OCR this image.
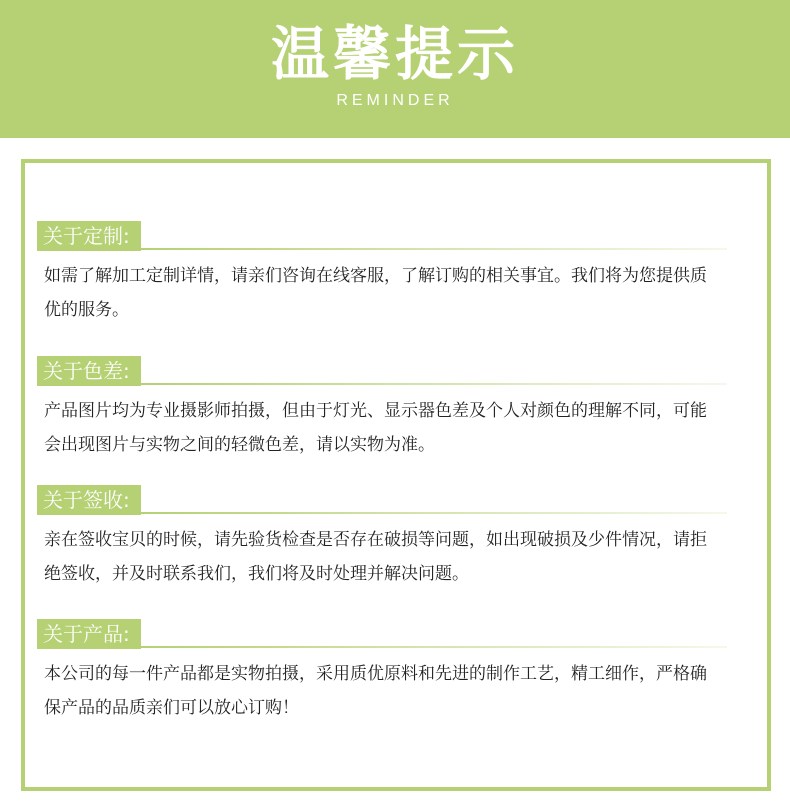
温馨提示
REMINDER
关于定制:
如需了解加工定制详情，请亲们咨询在线客服，了解订购的相关事宜。我们将为您提供质优的服务。
关于色差:
产品图片均为专业摄影师拍摄，但由于灯光、显示器色差及个人对颜色的理解不同，可能会出现图片与实物之间的轻微色差，请以实物为准。
关于签收:
亲在签收宝贝的时候，请先验货检查是否存在破损等问题，如出现破损及少件情况，请拒绝签收，并及时联系我们，我们将及时处理并解决问题。
关于产品:
本公司的每一件产品都是实物拍摄，采用质优原料和先进的制作工艺，精工细作，严格确保产品的品质亲们可以放心订购！
